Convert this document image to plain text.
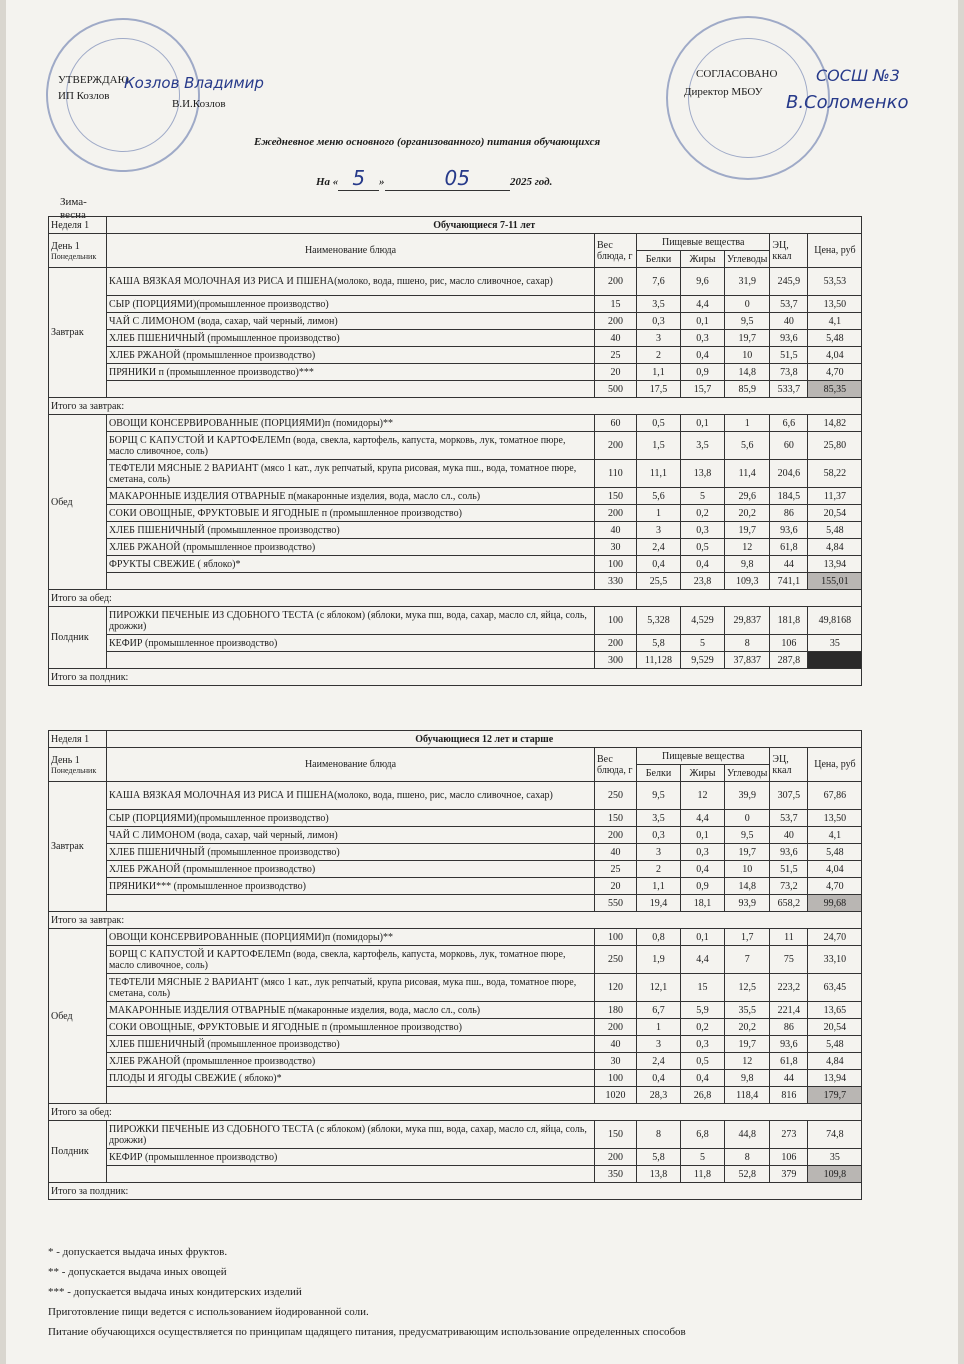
УТВЕРЖДАЮ
ИП Козлов
В.И.Козлов
Козлов Владимир	СОГЛАСОВАНО
Директор МБОУ
СОСШ №3
В.Соломенко
Ежедневное меню основного (организованного) питания обучающихся
На « 5 »	05	2025 год.
Зима-весна
Неделя 1	Обучающиеся 7-11 лет						

День 1
Понедельник	Наименование блюда	Вес блюда, г	Пищевые вещества			ЭЦ, ккал	Цена, руб
			Белки	Жиры	Углеводы		
Завтрак	КАША ВЯЗКАЯ МОЛОЧНАЯ ИЗ РИСА И ПШЕНА(молоко, вода, пшено, рис, масло сливочное, сахар)	200	7,6	9,6	31,9	245,9	53,53
	СЫР (ПОРЦИЯМИ)(промышленное производство)	15	3,5	4,4	0	53,7	13,50
	ЧАЙ С ЛИМОНОМ (вода, сахар, чай черный, лимон)	200	0,3	0,1	9,5	40	4,1
	ХЛЕБ ПШЕНИЧНЫЙ (промышленное производство)	40	3	0,3	19,7	93,6	5,48
	ХЛЕБ РЖАНОЙ (промышленное производство)	25	2	0,4	10	51,5	4,04
	ПРЯНИКИ п (промышленное производство)***	20	1,1	0,9	14,8	73,8	4,70
		500	17,5	15,7	85,9	533,7	85,35
Итого за завтрак:							
Обед	ОВОЩИ КОНСЕРВИРОВАННЫЕ (ПОРЦИЯМИ)п (помидоры)**	60	0,5	0,1	1	6,6	14,82
	БОРЩ С КАПУСТОЙ И КАРТОФЕЛЕМп (вода, свекла, картофель, капуста, морковь, лук, томатное пюре, масло сливочное, соль)	200	1,5	3,5	5,6	60	25,80
	ТЕФТЕЛИ МЯСНЫЕ 2 ВАРИАНТ (мясо 1 кат., лук репчатый, крупа рисовая, мука пш., вода, томатное пюре, сметана, соль)	110	11,1	13,8	11,4	204,6	58,22
	МАКАРОННЫЕ ИЗДЕЛИЯ ОТВАРНЫЕ п(макаронные изделия, вода, масло сл., соль)	150	5,6	5	29,6	184,5	11,37
	СОКИ ОВОЩНЫЕ, ФРУКТОВЫЕ И ЯГОДНЫЕ п (промышленное производство)	200	1	0,2	20,2	86	20,54
	ХЛЕБ ПШЕНИЧНЫЙ (промышленное производство)	40	3	0,3	19,7	93,6	5,48
	ХЛЕБ РЖАНОЙ (промышленное производство)	30	2,4	0,5	12	61,8	4,84
	ФРУКТЫ СВЕЖИЕ ( яблоко)*	100	0,4	0,4	9,8	44	13,94
		330	25,5	23,8	109,3	741,1	155,01
Итого за обед:							
Полдник	ПИРОЖКИ ПЕЧЕНЫЕ ИЗ СДОБНОГО ТЕСТА (с яблоком) (яблоки, мука пш, вода, сахар, масло сл, яйца, соль, дрожжи)	100	5,328	4,529	29,837	181,8	49,8168
	КЕФИР (промышленное производство)	200	5,8	5	8	106	35
		300	11,128	9,529	37,837	287,8	
Итого за полдник:							
Неделя 1	Обучающиеся 12 лет и старше						

День 1
Понедельник	Наименование блюда	Вес блюда, г	Пищевые вещества			ЭЦ, ккал	Цена, руб
			Белки	Жиры	Углеводы		
Завтрак	КАША ВЯЗКАЯ МОЛОЧНАЯ ИЗ РИСА И ПШЕНА(молоко, вода, пшено, рис, масло сливочное, сахар)	250	9,5	12	39,9	307,5	67,86
	СЫР (ПОРЦИЯМИ)(промышленное производство)	150	3,5	4,4	0	53,7	13,50
	ЧАЙ С ЛИМОНОМ (вода, сахар, чай черный, лимон)	200	0,3	0,1	9,5	40	4,1
	ХЛЕБ ПШЕНИЧНЫЙ (промышленное производство)	40	3	0,3	19,7	93,6	5,48
	ХЛЕБ РЖАНОЙ (промышленное производство)	25	2	0,4	10	51,5	4,04
	ПРЯНИКИ*** (промышленное производство)	20	1,1	0,9	14,8	73,2	4,70
		550	19,4	18,1	93,9	658,2	99,68
Итого за завтрак:							
Обед	ОВОЩИ КОНСЕРВИРОВАННЫЕ (ПОРЦИЯМИ)п (помидоры)**	100	0,8	0,1	1,7	11	24,70
	БОРЩ С КАПУСТОЙ И КАРТОФЕЛЕМп (вода, свекла, картофель, капуста, морковь, лук, томатное пюре, масло сливочное, соль)	250	1,9	4,4	7	75	33,10
	ТЕФТЕЛИ МЯСНЫЕ 2 ВАРИАНТ (мясо 1 кат., лук репчатый, крупа рисовая, мука пш., вода, томатное пюре, сметана, соль)	120	12,1	15	12,5	223,2	63,45
	МАКАРОННЫЕ ИЗДЕЛИЯ ОТВАРНЫЕ п(макаронные изделия, вода, масло сл., соль)	180	6,7	5,9	35,5	221,4	13,65
	СОКИ ОВОЩНЫЕ, ФРУКТОВЫЕ И ЯГОДНЫЕ п (промышленное производство)	200	1	0,2	20,2	86	20,54
	ХЛЕБ ПШЕНИЧНЫЙ (промышленное производство)	40	3	0,3	19,7	93,6	5,48
	ХЛЕБ РЖАНОЙ (промышленное производство)	30	2,4	0,5	12	61,8	4,84
	ПЛОДЫ И ЯГОДЫ СВЕЖИЕ ( яблоко)*	100	0,4	0,4	9,8	44	13,94
		1020	28,3	26,8	118,4	816	179,7
Итого за обед:							
Полдник	ПИРОЖКИ ПЕЧЕНЫЕ ИЗ СДОБНОГО ТЕСТА (с яблоком) (яблоки, мука пш, вода, сахар, масло сл, яйца, соль, дрожжи)	150	8	6,8	44,8	273	74,8
	КЕФИР (промышленное производство)	200	5,8	5	8	106	35
		350	13,8	11,8	52,8	379	109,8
Итого за полдник:							
* - допускается выдача иных фруктов.
** - допускается выдача иных овощей
*** - допускается выдача иных кондитерских изделий
Приготовление пищи ведется с использованием йодированной соли.
Питание обучающихся осуществляется по принципам щадящего питания, предусматривающим использование определенных способов
